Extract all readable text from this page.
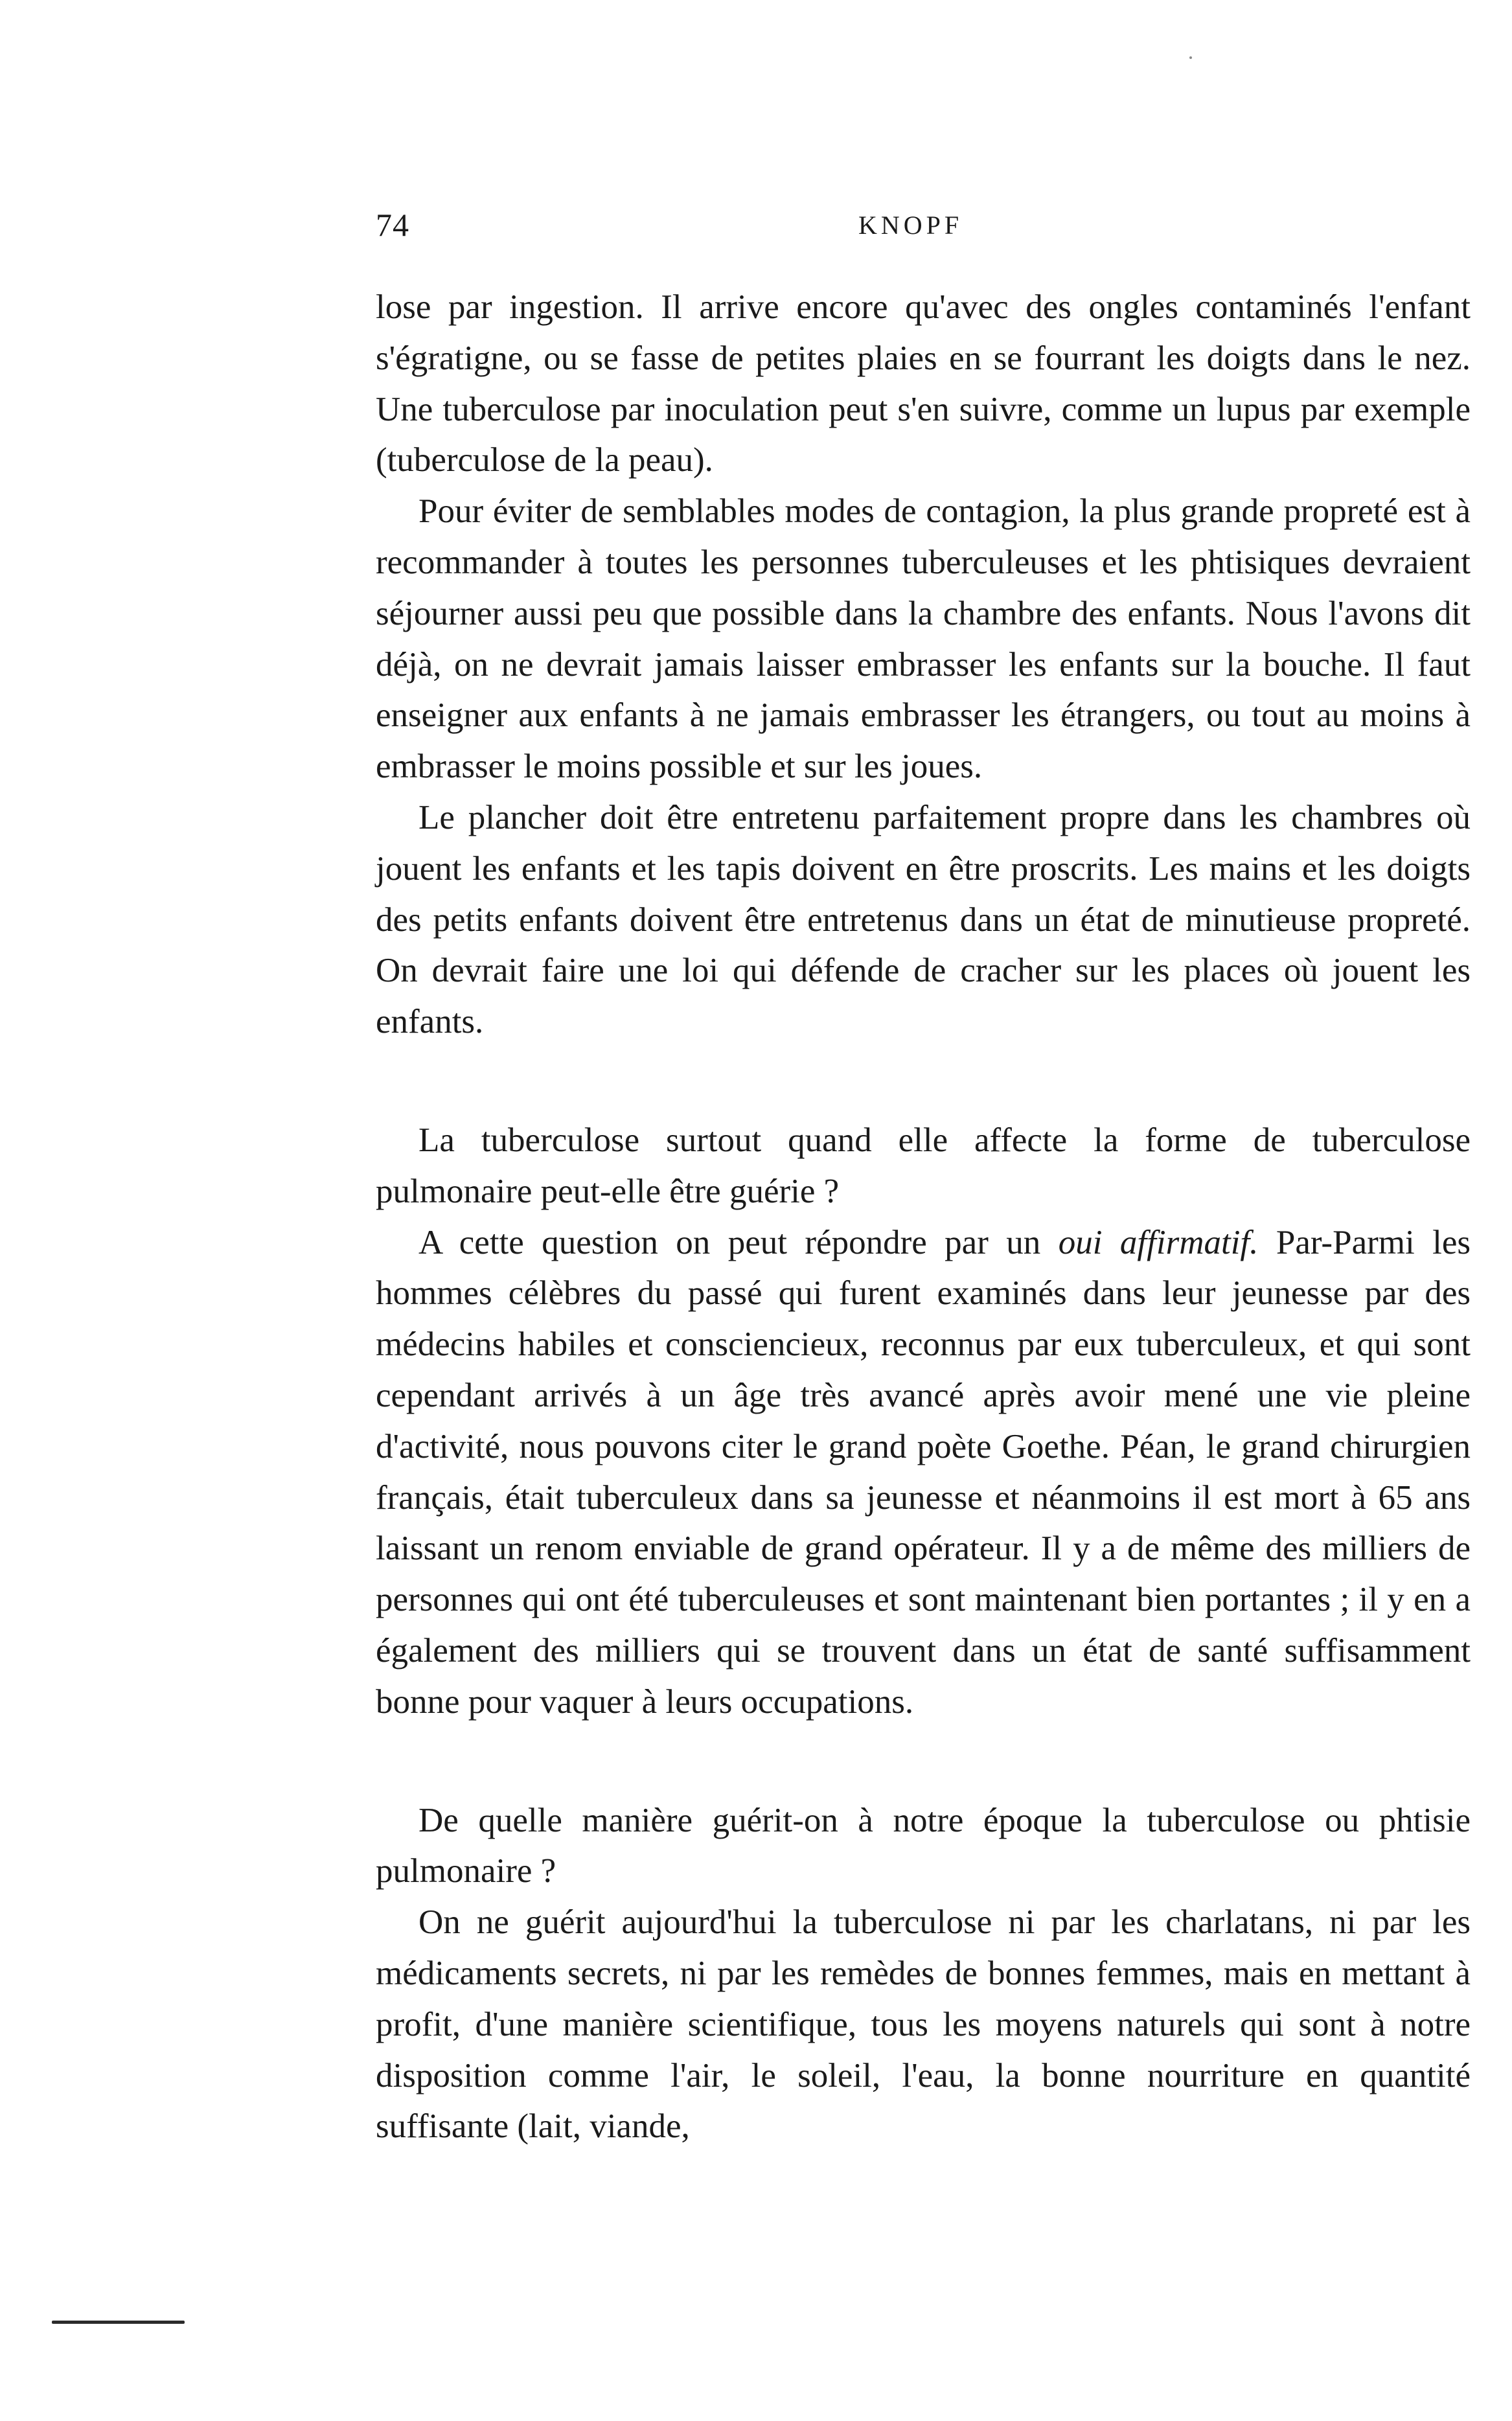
74	KNOPF

lose par ingestion. Il arrive encore qu'avec des ongles contaminés l'enfant s'égratigne, ou se fasse de petites plaies en se fourrant les doigts dans le nez. Une tuberculose par inoculation peut s'en suivre, comme un lupus par exemple (tuberculose de la peau).

Pour éviter de semblables modes de contagion, la plus grande propreté est à recommander à toutes les personnes tuberculeuses et les phtisiques devraient séjourner aussi peu que possible dans la chambre des enfants. Nous l'avons dit déjà, on ne devrait jamais laisser embrasser les enfants sur la bouche. Il faut enseigner aux enfants à ne jamais embrasser les étrangers, ou tout au moins à embrasser le moins possible et sur les joues.

Le plancher doit être entretenu parfaitement propre dans les chambres où jouent les enfants et les tapis doivent en être proscrits. Les mains et les doigts des petits enfants doivent être entretenus dans un état de minutieuse propreté. On devrait faire une loi qui défende de cracher sur les places où jouent les enfants.

La tuberculose surtout quand elle affecte la forme de tuberculose pulmonaire peut-elle être guérie ?

A cette question on peut répondre par un oui affirmatif. Par-Parmi les hommes célèbres du passé qui furent examinés dans leur jeunesse par des médecins habiles et consciencieux, reconnus par eux tuberculeux, et qui sont cependant arrivés à un âge très avancé après avoir mené une vie pleine d'activité, nous pouvons citer le grand poète Goethe. Péan, le grand chirurgien français, était tuberculeux dans sa jeunesse et néanmoins il est mort à 65 ans laissant un renom enviable de grand opérateur. Il y a de même des milliers de personnes qui ont été tuberculeuses et sont maintenant bien portantes ; il y en a également des milliers qui se trouvent dans un état de santé suffisamment bonne pour vaquer à leurs occupations.

De quelle manière guérit-on à notre époque la tuberculose ou phtisie pulmonaire ?

On ne guérit aujourd'hui la tuberculose ni par les charlatans, ni par les médicaments secrets, ni par les remèdes de bonnes femmes, mais en mettant à profit, d'une manière scientifique, tous les moyens naturels qui sont à notre disposition comme l'air, le soleil, l'eau, la bonne nourriture en quantité suffisante (lait, viande,
